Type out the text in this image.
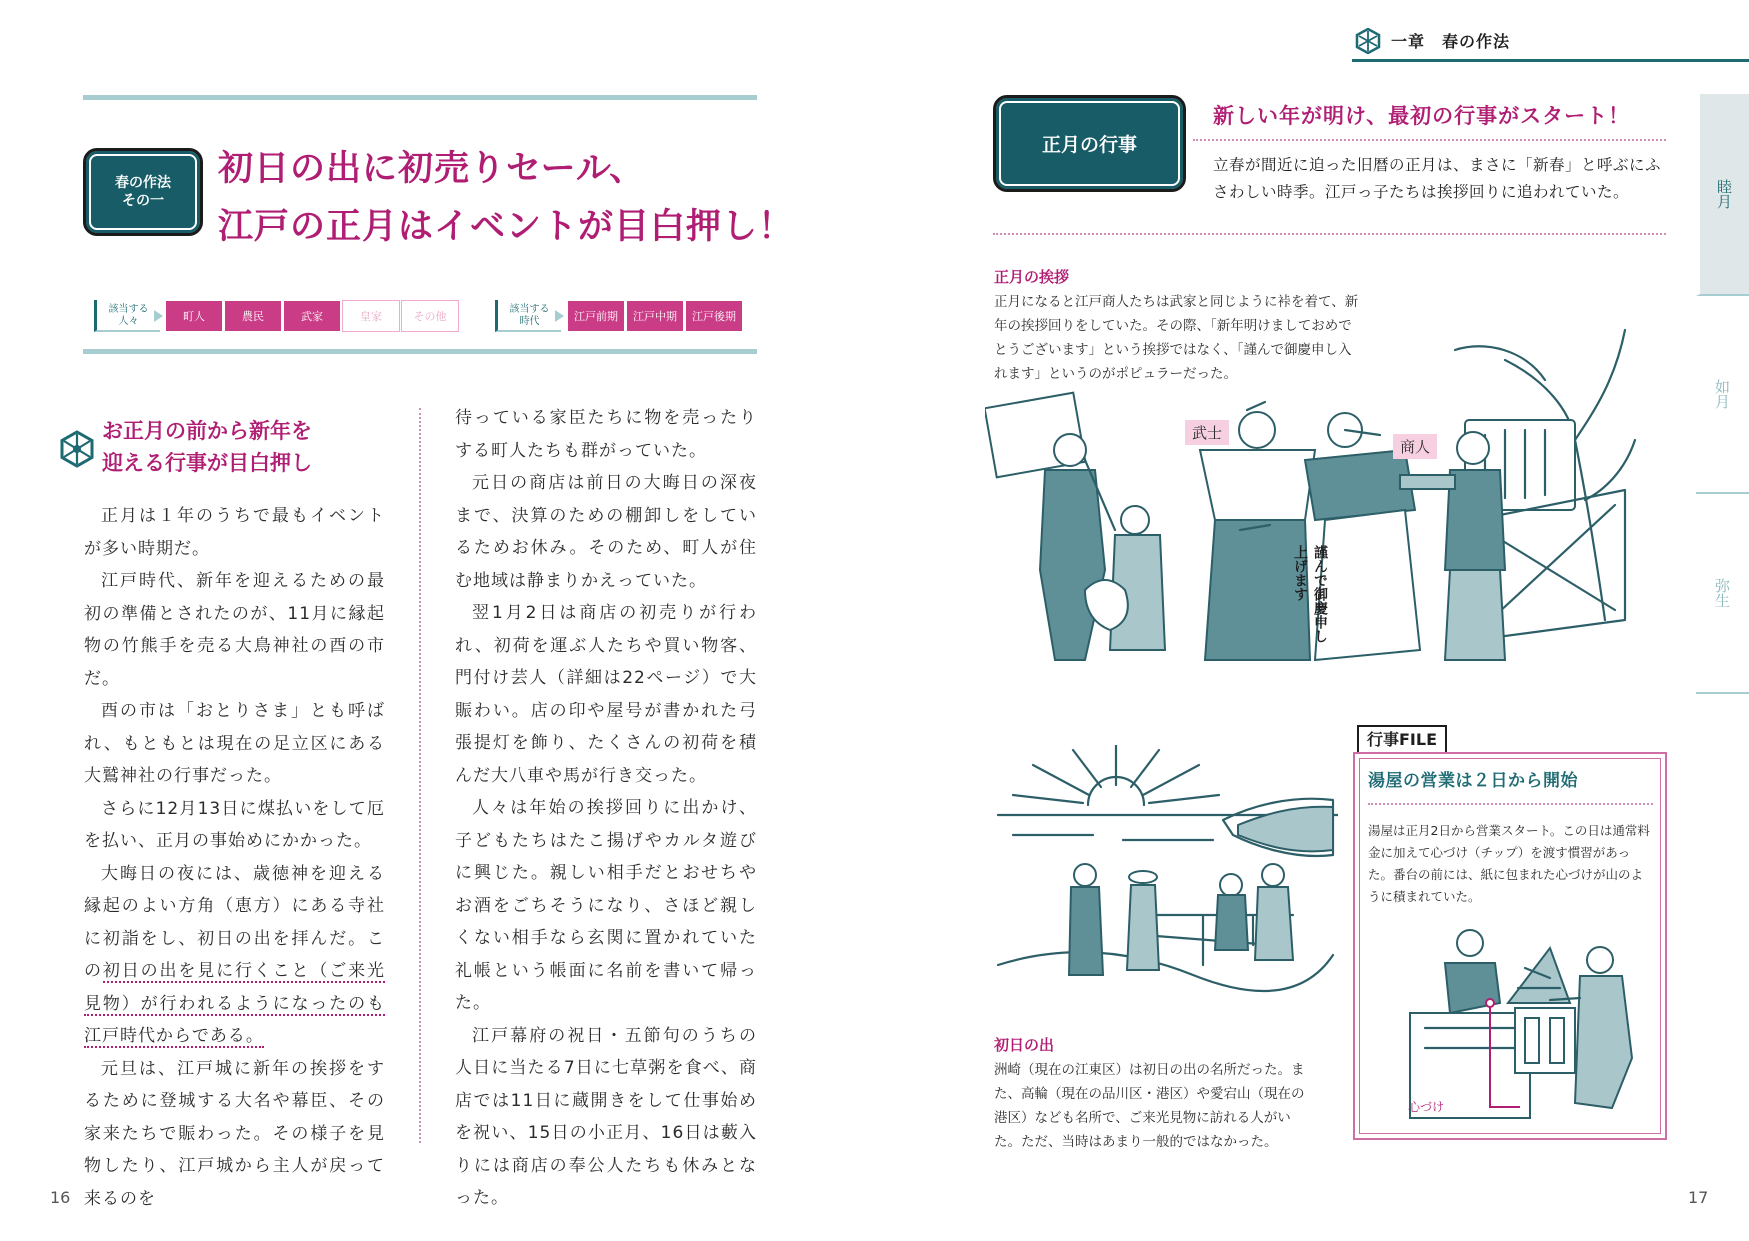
春の作法
その一
初日の出に初売りセール、
江戸の正月はイベントが目白押し！
該当する
人々	町人	農民	武家	皇家	その他
該当する
時代	江戸前期	江戸中期	江戸後期
お正月の前から新年を
迎える行事が目白押し

正月は１年のうちで最もイベントが多い時期だ。

江戸時代、新年を迎えるための最初の準備とされたのが、11月に縁起物の竹熊手を売る大鳥神社の酉の市だ。

酉の市は「おとりさま」とも呼ばれ、もともとは現在の足立区にある大鷲神社の行事だった。

さらに12月13日に煤払いをして厄を払い、正月の事始めにかかった。

大晦日の夜には、歳徳神を迎える縁起のよい方角（恵方）にある寺社に初詣をし、初日の出を拝んだ。この初日の出を見に行くこと（ご来光見物）が行われるようになったのも江戸時代からである。

元旦は、江戸城に新年の挨拶をするために登城する大名や幕臣、その家来たちで賑わった。その様子を見物したり、江戸城から主人が戻って来るのを

待っている家臣たちに物を売ったりする町人たちも群がっていた。

元日の商店は前日の大晦日の深夜まで、決算のための棚卸しをしているためお休み。そのため、町人が住む地域は静まりかえっていた。

翌1月2日は商店の初売りが行われ、初荷を運ぶ人たちや買い物客、門付け芸人（詳細は22ページ）で大賑わい。店の印や屋号が書かれた弓張提灯を飾り、たくさんの初荷を積んだ大八車や馬が行き交った。

人々は年始の挨拶回りに出かけ、子どもたちはたこ揚げやカルタ遊びに興じた。親しい相手だとおせちやお酒をごちそうになり、さほど親しくない相手なら玄関に置かれていた礼帳という帳面に名前を書いて帰った。

江戸幕府の祝日・五節句のうちの人日に当たる7日に七草粥を食べ、商店では11日に蔵開きをして仕事始めを祝い、15日の小正月、16日は藪入りには商店の奉公人たちも休みとなった。

16
一章　春の作法
睦月
如月
弥生
正月の行事
新しい年が明け、最初の行事がスタート！
立春が間近に迫った旧暦の正月は、まさに「新春」と呼ぶにふさわしい時季。江戸っ子たちは挨拶回りに追われていた。
正月の挨拶
正月になると江戸商人たちは武家と同じように裃を着て、新年の挨拶回りをしていた。その際、「新年明けましておめでとうございます」という挨拶ではなく、「謹んで御慶申し入れます」というのがポピュラーだった。
武士
商人
謹んで御慶申し上げます
初日の出
洲崎（現在の江東区）は初日の出の名所だった。また、高輪（現在の品川区・港区）や愛宕山（現在の港区）なども名所で、ご来光見物に訪れる人がいた。ただ、当時はあまり一般的ではなかった。
行事FILE
湯屋の営業は２日から開始
湯屋は正月2日から営業スタート。この日は通常料金に加えて心づけ（チップ）を渡す慣習があった。番台の前には、紙に包まれた心づけが山のように積まれていた。
心づけ
17
